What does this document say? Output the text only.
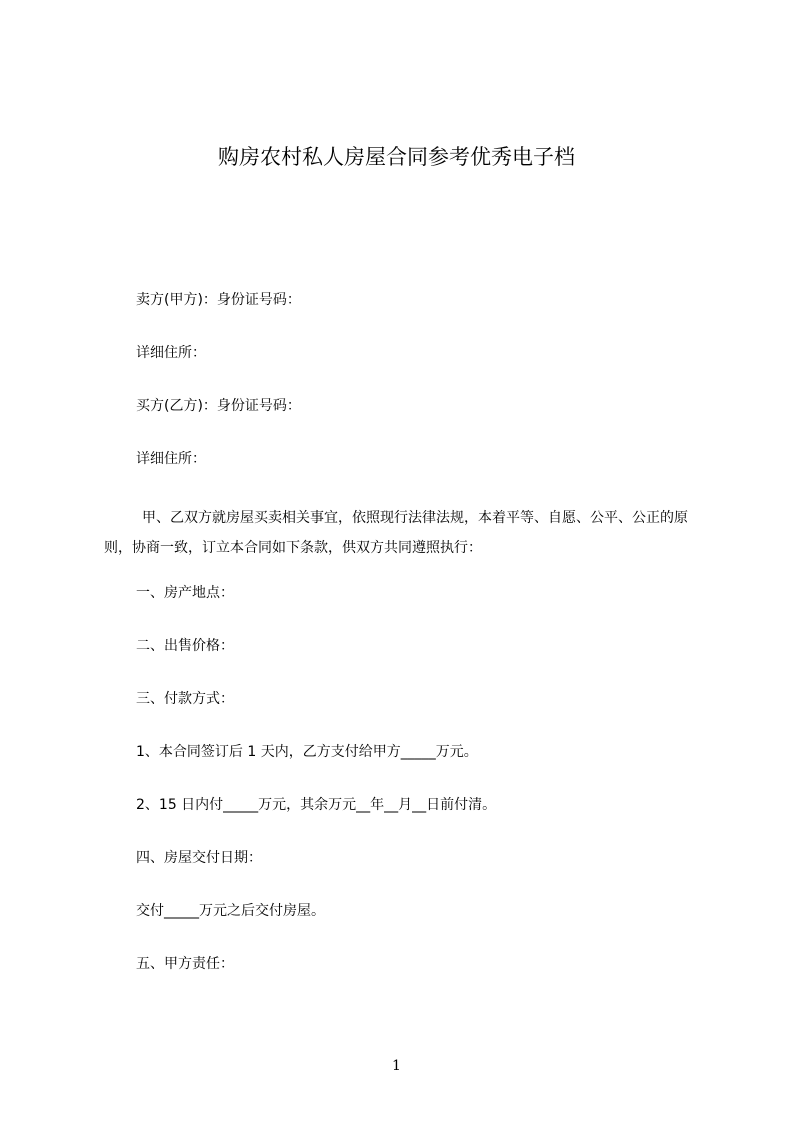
购房农村私人房屋合同参考优秀电子档
卖方(甲方)：身份证号码：
详细住所：
买方(乙方)：身份证号码：
详细住所：
甲、乙双方就房屋买卖相关事宜，依照现行法律法规，本着平等、自愿、公平、公正的原则，协商一致，订立本合同如下条款，供双方共同遵照执行：
一、房产地点：
二、出售价格：
三、付款方式：
1、本合同签订后 1 天内，乙方支付给甲方_____万元。
2、15 日内付_____万元，其余万元__年__月__日前付清。
四、房屋交付日期：
交付_____万元之后交付房屋。
五、甲方责任：
1
